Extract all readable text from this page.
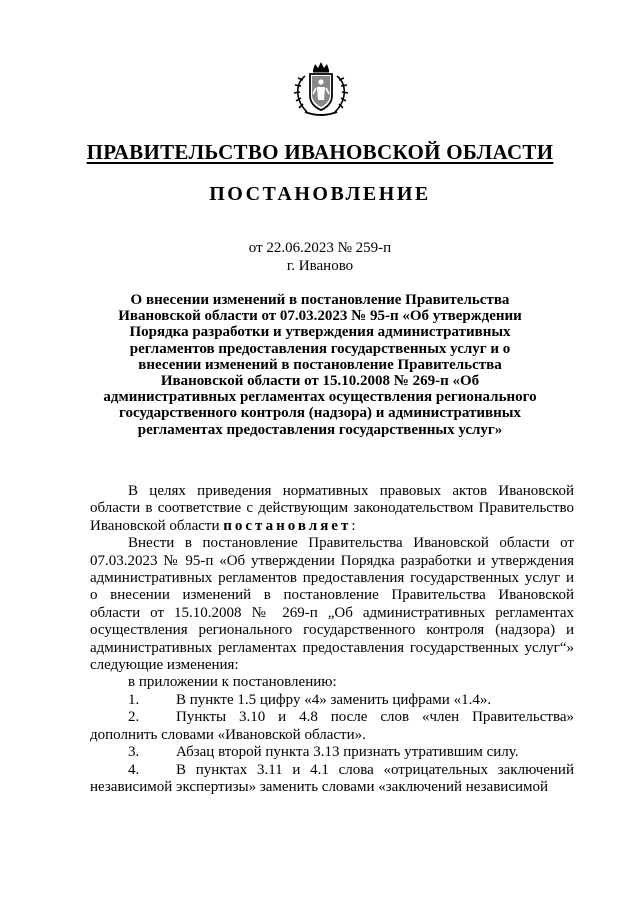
ПРАВИТЕЛЬСТВО ИВАНОВСКОЙ ОБЛАСТИ
ПОСТАНОВЛЕНИЕ
от 22.06.2023 № 259-п
г. Иваново
О внесении изменений в постановление Правительства Ивановской области от 07.03.2023 № 95-п «Об утверждении Порядка разработки и утверждения административных регламентов предоставления государственных услуг и о внесении изменений в постановление Правительства Ивановской области от 15.10.2008 № 269-п «Об административных регламентах осуществления регионального государственного контроля (надзора) и административных регламентах предоставления государственных услуг»

В целях приведения нормативных правовых актов Ивановской области в соответствие с действующим законодательством Правительство Ивановской области постановляет:

Внести в постановление Правительства Ивановской области от 07.03.2023 № 95-п «Об утверждении Порядка разработки и утверждения административных регламентов предоставления государственных услуг и о внесении изменений в постановление Правительства Ивановской области от 15.10.2008 № 269-п „Об административных регламентах осуществления регионального государственного контроля (надзора) и административных регламентах предоставления государственных услуг“» следующие изменения:

в приложении к постановлению:

1. В пункте 1.5 цифру «4» заменить цифрами «1.4».

2. Пункты 3.10 и 4.8 после слов «член Правительства» дополнить словами «Ивановской области».

3. Абзац второй пункта 3.13 признать утратившим силу.

4. В пунктах 3.11 и 4.1 слова «отрицательных заключений независимой экспертизы» заменить словами «заключений независимой
